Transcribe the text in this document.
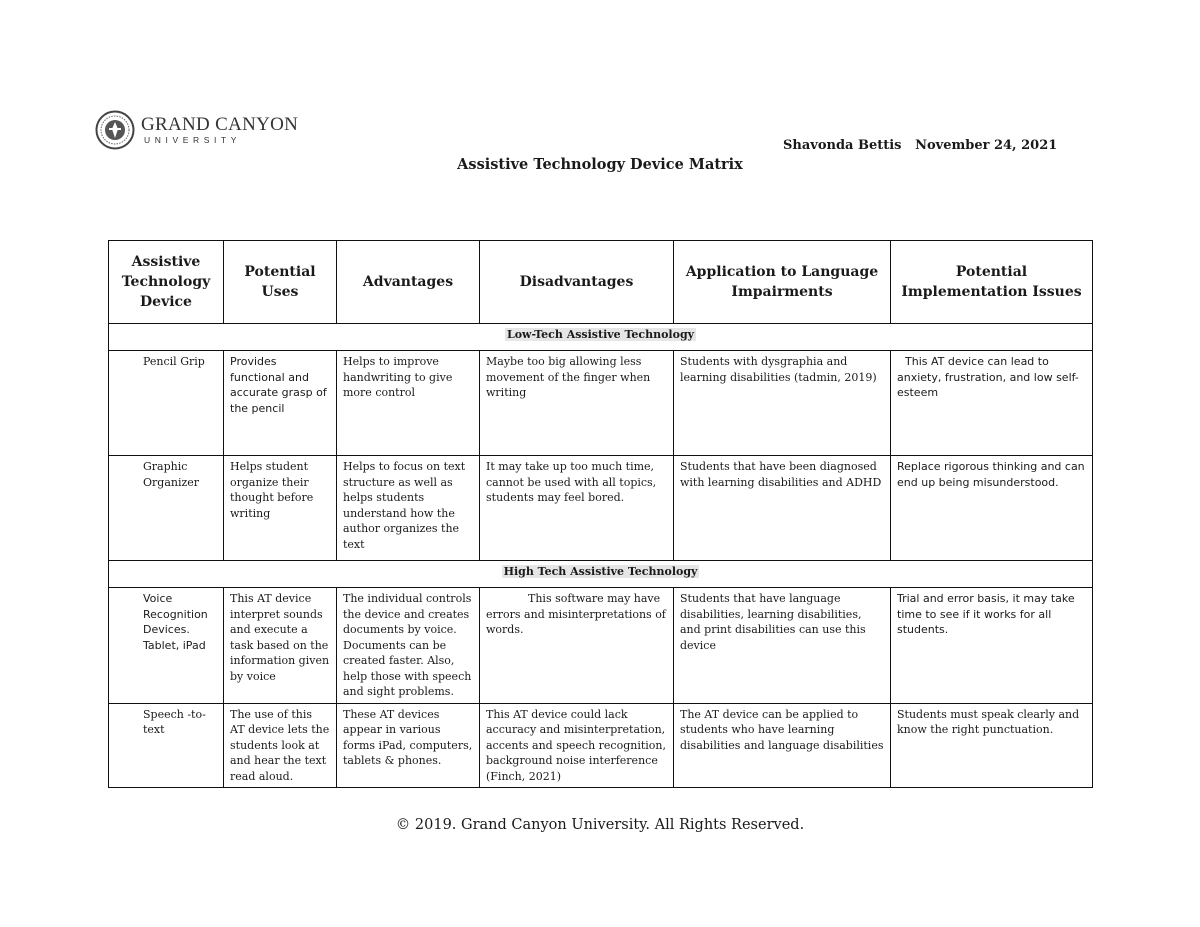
GRAND CANYON
UNIVERSITY	Shavonda Bettis November 24, 2021
Assistive Technology Device Matrix
Assistive Technology Device	Potential Uses	Advantages	Disadvantages	Application to Language Impairments	Potential Implementation Issues
Low-Tech Assistive Technology					
Pencil Grip	Provides functional and accurate grasp of the pencil	Helps to improve handwriting to give more control	Maybe too big allowing less movement of the finger when writing	Students with dysgraphia and learning disabilities (tadmin, 2019)	This AT device can lead to anxiety, frustration, and low self-esteem
Graphic Organizer	Helps student organize their thought before writing	Helps to focus on text structure as well as helps students understand how the author organizes the text	It may take up too much time, cannot be used with all topics, students may feel bored.	Students that have been diagnosed with learning disabilities and ADHD	Replace rigorous thinking and can end up being misunderstood.
High Tech Assistive Technology					
Voice Recognition Devices. Tablet, iPad	This AT device interpret sounds and execute a task based on the information given by voice	The individual controls the device and creates documents by voice. Documents can be created faster. Also, help those with speech and sight problems.	This software may have errors and misinterpretations of words.	Students that have language disabilities, learning disabilities, and print disabilities can use this device	Trial and error basis, it may take time to see if it works for all students.
Speech -to-text	The use of this AT device lets the students look at and hear the text read aloud.	These AT devices appear in various forms iPad, computers, tablets & phones.	This AT device could lack accuracy and misinterpretation, accents and speech recognition, background noise interference (Finch, 2021)	The AT device can be applied to students who have learning disabilities and language disabilities	Students must speak clearly and know the right punctuation.
© 2019. Grand Canyon University. All Rights Reserved.
